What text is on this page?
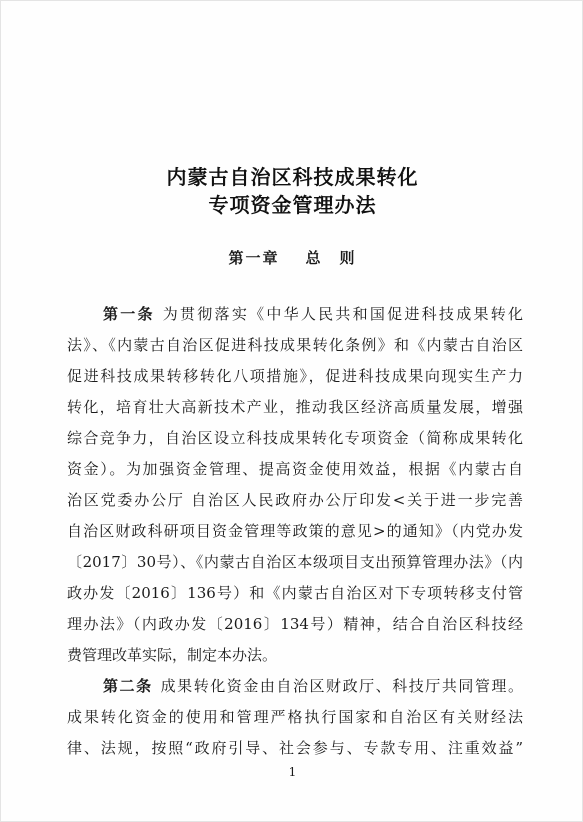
内蒙古自治区科技成果转化
专项资金管理办法
第一章 总　则
第一条 为贯彻落实《中华人民共和国促进科技成果转化
法》、《内蒙古自治区促进科技成果转化条例》和《内蒙古自治区
促进科技成果转移转化八项措施》，促进科技成果向现实生产力
转化，培育壮大高新技术产业，推动我区经济高质量发展，增强
综合竞争力，自治区设立科技成果转化专项资金（简称成果转化
资金）。为加强资金管理、提高资金使用效益，根据《内蒙古自
治区党委办公厅 自治区人民政府办公厅印发<关于进一步完善
自治区财政科研项目资金管理等政策的意见>的通知》（内党办发
〔2017〕30号）、《内蒙古自治区本级项目支出预算管理办法》（内
政办发〔2016〕136号）和《内蒙古自治区对下专项转移支付管
理办法》（内政办发〔2016〕134号）精神，结合自治区科技经
费管理改革实际，制定本办法。
第二条 成果转化资金由自治区财政厅、科技厅共同管理。
成果转化资金的使用和管理严格执行国家和自治区有关财经法
律、法规，按照“政府引导、社会参与、专款专用、注重效益”
1
